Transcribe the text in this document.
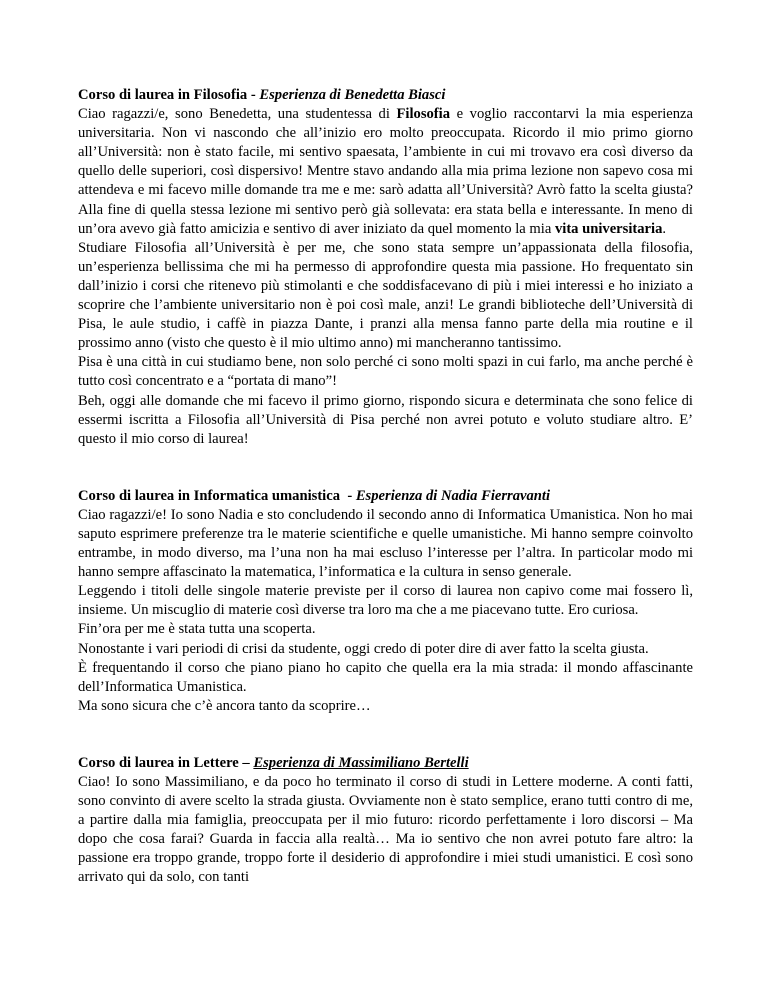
Corso di laurea in Filosofia - Esperienza di Benedetta Biasci

Ciao ragazzi/e, sono Benedetta, una studentessa di Filosofia e voglio raccontarvi la mia esperienza universitaria. Non vi nascondo che all’inizio ero molto preoccupata. Ricordo il mio primo giorno all’Università: non è stato facile, mi sentivo spaesata, l’ambiente in cui mi trovavo era così diverso da quello delle superiori, così dispersivo! Mentre stavo andando alla mia prima lezione non sapevo cosa mi attendeva e mi facevo mille domande tra me e me: sarò adatta all’Università? Avrò fatto la scelta giusta? Alla fine di quella stessa lezione mi sentivo però già sollevata: era stata bella e interessante. In meno di un’ora avevo già fatto amicizia e sentivo di aver iniziato da quel momento la mia vita universitaria.

Studiare Filosofia all’Università è per me, che sono stata sempre un’appassionata della filosofia, un’esperienza bellissima che mi ha permesso di approfondire questa mia passione. Ho frequentato sin dall’inizio i corsi che ritenevo più stimolanti e che soddisfacevano di più i miei interessi e ho iniziato a scoprire che l’ambiente universitario non è poi così male, anzi! Le grandi biblioteche dell’Università di Pisa, le aule studio, i caffè in piazza Dante, i pranzi alla mensa fanno parte della mia routine e il prossimo anno (visto che questo è il mio ultimo anno) mi mancheranno tantissimo.

Pisa è una città in cui studiamo bene, non solo perché ci sono molti spazi in cui farlo, ma anche perché è tutto così concentrato e a “portata di mano”!

Beh, oggi alle domande che mi facevo il primo giorno, rispondo sicura e determinata che sono felice di essermi iscritta a Filosofia all’Università di Pisa perché non avrei potuto e voluto studiare altro. E’ questo il mio corso di laurea!

Corso di laurea in Informatica umanistica  - Esperienza di Nadia Fierravanti

Ciao ragazzi/e! Io sono Nadia e sto concludendo il secondo anno di Informatica Umanistica. Non ho mai saputo esprimere preferenze tra le materie scientifiche e quelle umanistiche. Mi hanno sempre coinvolto entrambe, in modo diverso, ma l’una non ha mai escluso l’interesse per l’altra. In particolar modo mi hanno sempre affascinato la matematica, l’informatica e la cultura in senso generale.

Leggendo i titoli delle singole materie previste per il corso di laurea non capivo come mai fossero lì, insieme. Un miscuglio di materie così diverse tra loro ma che a me piacevano tutte. Ero curiosa.

Fin’ora per me è stata tutta una scoperta.

Nonostante i vari periodi di crisi da studente, oggi credo di poter dire di aver fatto la scelta giusta.

È frequentando il corso che piano piano ho capito che quella era la mia strada: il mondo affascinante dell’Informatica Umanistica.

Ma sono sicura che c’è ancora tanto da scoprire…

Corso di laurea in Lettere – Esperienza di Massimiliano Bertelli

Ciao! Io sono Massimiliano, e da poco ho terminato il corso di studi in Lettere moderne. A conti fatti, sono convinto di avere scelto la strada giusta. Ovviamente non è stato semplice, erano tutti contro di me, a partire dalla mia famiglia, preoccupata per il mio futuro: ricordo perfettamente i loro discorsi – Ma dopo che cosa farai? Guarda in faccia alla realtà… Ma io sentivo che non avrei potuto fare altro: la passione era troppo grande, troppo forte il desiderio di approfondire i miei studi umanistici. E così sono arrivato qui da solo, con tanti
